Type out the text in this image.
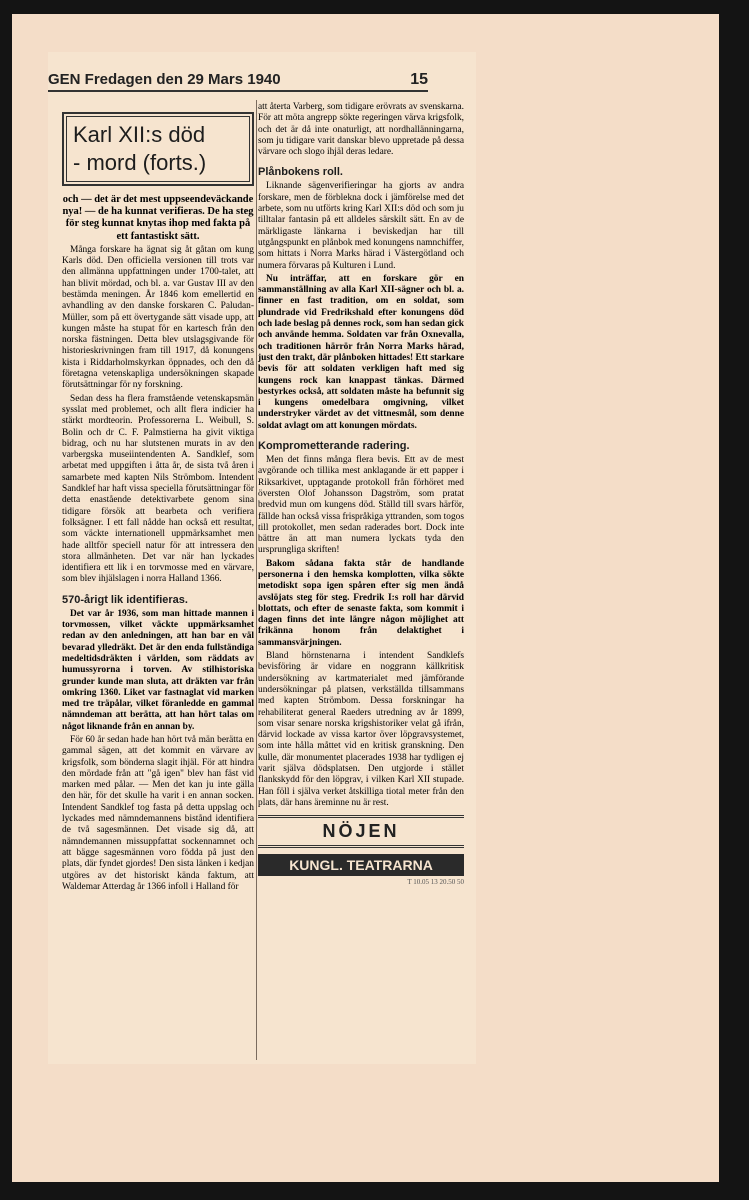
GEN Fredagen den 29 Mars 1940	15
Karl XII:s död
- mord (forts.)

och — det är det mest uppseendeväckande nya! — de ha kunnat verifieras. De ha steg för steg kunnat knytas ihop med fakta på ett fantastiskt sätt.

Många forskare ha ägnat sig åt gåtan om kung Karls död. Den officiella versionen till trots var den allmänna uppfattningen under 1700-talet, att han blivit mördad, och bl. a. var Gustav III av den bestämda meningen. År 1846 kom emellertid en avhandling av den danske forskaren C. Paludan-Müller, som på ett övertygande sätt visade upp, att kungen måste ha stupat för en kartesch från den norska fästningen. Detta blev utslagsgivande för historieskrivningen fram till 1917, då konungens kista i Riddarholmskyrkan öppnades, och den då företagna vetenskapliga undersökningen skapade förutsättningar för ny forskning.

Sedan dess ha flera framstående vetenskapsmän sysslat med problemet, och allt flera indicier ha stärkt mordteorin. Professorerna L. Weibull, S. Bolin och dr C. F. Palmstierna ha givit viktiga bidrag, och nu har slutstenen murats in av den varbergska museiintendenten A. Sandklef, som arbetat med uppgiften i åtta år, de sista två åren i samarbete med kapten Nils Strömbom. Intendent Sandklef har haft vissa speciella förutsättningar för detta enastående detektivarbete genom sina tidigare försök att bearbeta och verifiera folksägner. I ett fall nådde han också ett resultat, som väckte internationell uppmärksamhet men hade alltför speciell natur för att intressera den stora allmänheten. Det var när han lyckades identifiera ett lik i en torvmosse med en värvare, som blev ihjälslagen i norra Halland 1366.

570-årigt lik identifieras.

Det var år 1936, som man hittade mannen i torvmossen, vilket väckte uppmärksamhet redan av den anledningen, att han bar en väl bevarad ylledräkt. Det är den enda fullständiga medeltidsdräkten i världen, som räddats av humussyrorna i torven. Av stilhistoriska grunder kunde man sluta, att dräkten var från omkring 1360. Liket var fastnaglat vid marken med tre träpålar, vilket föranledde en gammal nämndeman att berätta, att han hört talas om något liknande från en annan by.

För 60 år sedan hade han hört två män berätta en gammal sägen, att det kommit en värvare av krigsfolk, som bönderna slagit ihjäl. För att hindra den mördade från att "gå igen" blev han fäst vid marken med pålar. — Men det kan ju inte gälla den här, för det skulle ha varit i en annan socken. Intendent Sandklef tog fasta på detta uppslag och lyckades med nämndemannens bistånd identifiera de två sagesmännen. Det visade sig då, att nämndemannen missuppfattat sockennamnet och att bägge sagesmännen voro födda på just den plats, där fyndet gjordes! Den sista länken i kedjan utgöres av det historiskt kända faktum, att Waldemar Atterdag år 1366 infoll i Halland för

att återta Varberg, som tidigare erövrats av svenskarna. För att möta angrepp sökte regeringen värva krigsfolk, och det är då inte onaturligt, att nordhallänningarna, som ju tidigare varit danskar blevo uppretade på dessa värvare och slogo ihjäl deras ledare.

Plånbokens roll.

Liknande sägenverifieringar ha gjorts av andra forskare, men de förbleknа dock i jämförelse med det arbete, som nu utförts kring Karl XII:s död och som ju tilltalar fantasin på ett alldeles särskilt sätt. En av de märkligaste länkarna i beviskedjan har till utgångspunkt en plånbok med konungens namnchiffer, som hittats i Norra Marks härad i Västergötland och numera förvaras på Kulturen i Lund.

Nu inträffar, att en forskare gör en sammanställning av alla Karl XII-sägner och bl. a. finner en fast tradition, om en soldat, som plundrade vid Fredrikshald efter konungens död och lade beslag på dennes rock, som han sedan gick och använde hemma. Soldaten var från Oxnevalla, och traditionen härrör från Norra Marks härad, just den trakt, där plånboken hittades! Ett starkare bevis för att soldaten verkligen haft med sig kungens rock kan knappast tänkas. Därmed bestyrkes också, att soldaten måste ha befunnit sig i kungens omedelbara omgivning, vilket understryker värdet av det vittnesmål, som denne soldat avlagt om att konungen mördats.

Komprometterande radering.

Men det finns många flera bevis. Ett av de mest avgörande och tillika mest anklagande är ett papper i Riksarkivet, upptagande protokoll från förhöret med översten Olof Johansson Dagström, som pratat bredvid mun om kungens död. Ställd till svars härför, fällde han också vissa frispråkiga yttranden, som togos till protokollet, men sedan raderades bort. Dock inte bättre än att man numera lyckats tyda den ursprungliga skriften!

Bakom sådana fakta står de handlande personerna i den hemska komplotten, vilka sökte metodiskt sopa igen spåren efter sig men ändå avslöjats steg för steg. Fredrik I:s roll har därvid blottats, och efter de senaste fakta, som kommit i dagen finns det inte längre någon möjlighet att frikänna honom från delaktighet i sammansvärjningen.

Bland hörnstenarna i intendent Sandklefs bevisföring är vidare en noggrann källkritisk undersökning av kartmaterialet med jämförande undersökningar på platsen, verkställda tillsammans med kapten Strömbom. Dessa forskningar ha rehabiliterat general Raeders utredning av år 1899, som visar senare norska krigshistoriker velat gå ifrån, därvid lockade av vissa kartor över löpgravsystemet, som inte hålla måttet vid en kritisk granskning. Den kulle, där monumentet placerades 1938 har tydligen ej varit själva dödsplatsen. Den utgjorde i stället flankskydd för den löpgrav, i vilken Karl XII stupade. Han föll i själva verket åtskilliga tiotal meter från den plats, där hans äreminne nu är rest.

NÖJEN
KUNGL. TEATRARNA
T 10.05 13 20.50 50
